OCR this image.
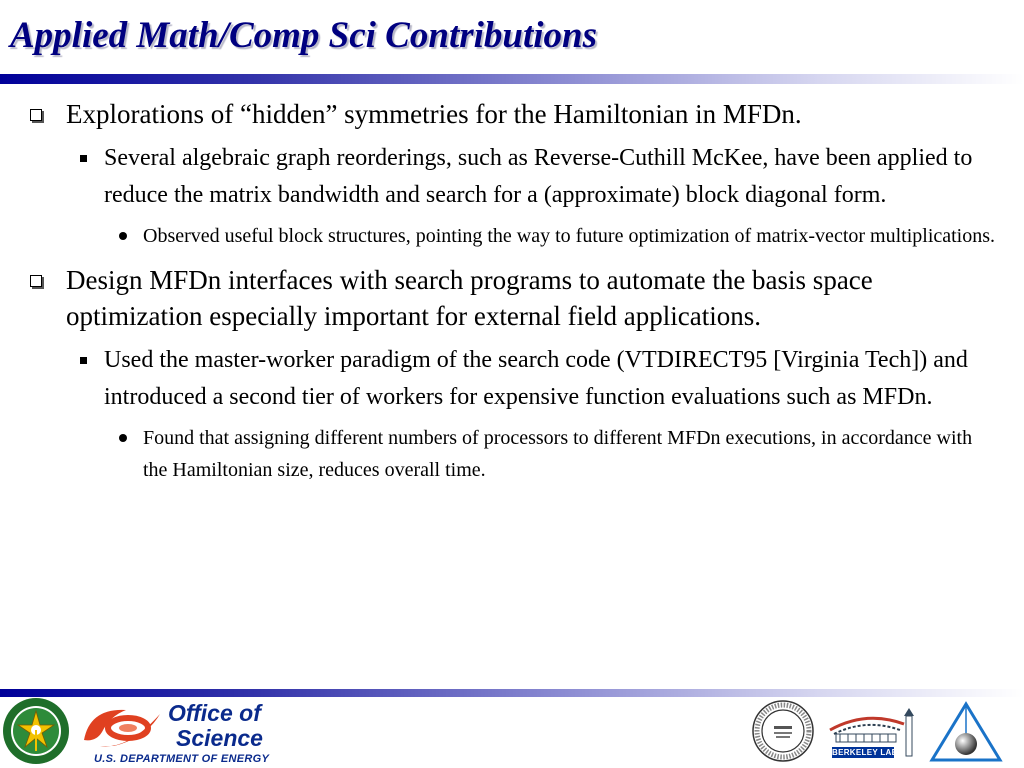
Applied Math/Comp Sci Contributions
Explorations of “hidden” symmetries for the Hamiltonian in MFDn.
Several algebraic graph reorderings, such as Reverse-Cuthill McKee, have been applied to reduce the matrix bandwidth and search for a (approximate) block diagonal form.
Observed useful block structures, pointing the way to future optimization of matrix-vector multiplications.
Design MFDn interfaces with search programs to automate the basis space optimization especially important for external field applications.
Used the master-worker paradigm of the search code (VTDIRECT95 [Virginia Tech]) and introduced a second tier of workers for expensive function evaluations such as MFDn.
Found that assigning different numbers of processors to different MFDn executions, in accordance with the Hamiltonian size, reduces overall time.
Office of
Science
U.S. DEPARTMENT OF ENERGY
BERKELEY LAB
